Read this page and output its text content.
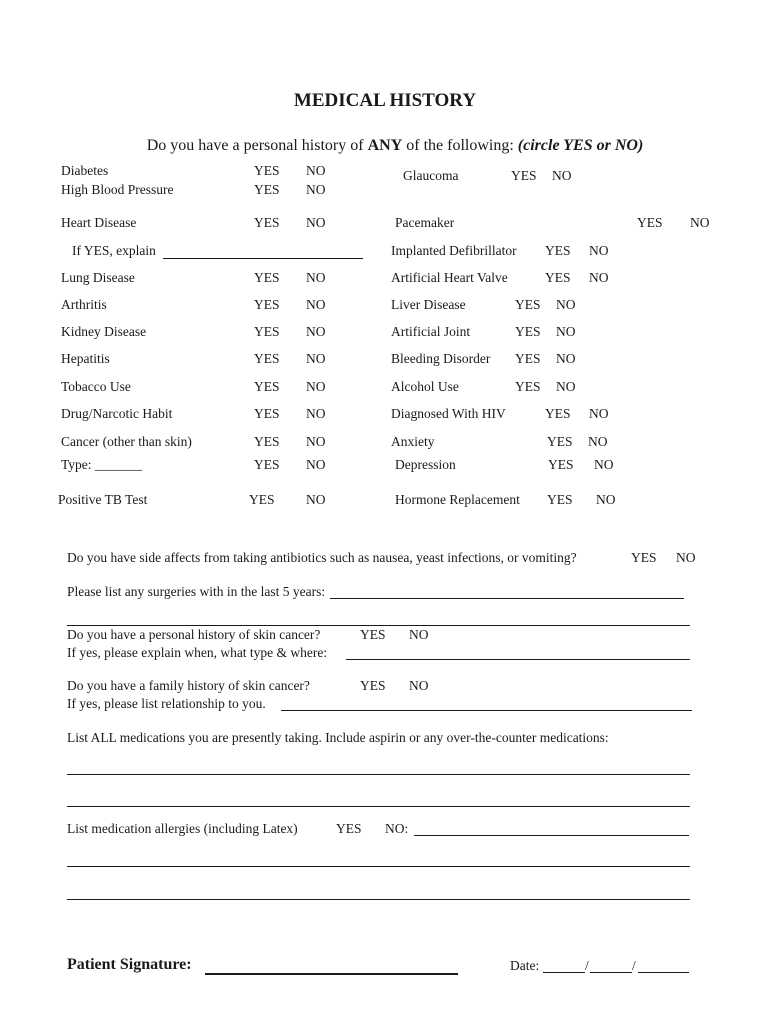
MEDICAL HISTORY
Do you have a personal history of ANY of the following: (circle YES or NO)
Diabetes	YES NO
High Blood Pressure	YES NO
Heart Disease	YES NO
If YES, explain
Lung Disease	YES NO
Arthritis	YES NO
Kidney Disease	YES NO
Hepatitis	YES NO
Tobacco Use	YES NO
Drug/Narcotic Habit	YES NO
Cancer (other than skin)	YES NO
Type: _______	YES NO
Positive TB Test	YES NO
Glaucoma	YES NO
Pacemaker	YES NO
Implanted Defibrillator YES NO
Artificial Heart Valve	YES NO
Liver Disease	YES NO
Artificial Joint	YES NO
Bleeding Disorder YES NO
Alcohol Use	YES NO
Diagnosed With HIV	YES NO
Anxiety	YES NO
Depression	YES NO
Hormone Replacement YES NO
Do you have side affects from taking antibiotics such as nausea, yeast infections, or vomiting?	YES NO
Please list any surgeries with in the last 5 years:
Do you have a personal history of skin cancer?	YES NO
If yes, please explain when, what type & where:
Do you have a family history of skin cancer?	YES NO
If yes, please list relationship to you.
List ALL medications you are presently taking. Include aspirin or any over-the-counter medications:
List medication allergies (including Latex)	YES NO:
Patient Signature:	Date:	/	/
